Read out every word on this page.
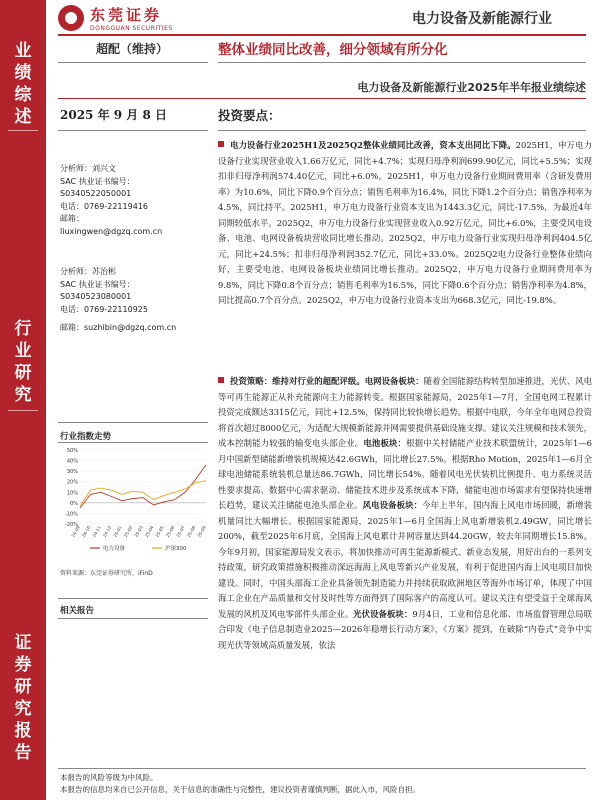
业
绩
综
述
行
业
研
究
证
券
研
究
报
告
东莞证券
DONGGUAN SECURITIES
电力设备及新能源行业
超配（维持）	整体业绩同比改善，细分领域有所分化
电力设备及新能源行业2025年半年报业绩综述
2025 年 9 月 8 日	投资要点：
分析师：刘兴文
SAC 执业证书编号：
S0340522050001
电话：0769-22119416
邮箱：
liuxingwen@dgzq.com.cn
分析师：苏治彬
SAC 执业证书编号：
S0340523080001
电话：0769-22110925
邮箱：suzhibin@dgzq.com.cn
行业指数走势
50%
40%
30%
20%
10%
0%
-10%
-20%
24-09 24-10 24-11 24-12 25-01 25-02 25-03 25-04 25-05 25-06 25-07 25-08 25-09
电力设备	沪深300
资料来源：东莞证券研究所，iFinD
相关报告
电力设备行业2025H1及2025Q2整体业绩同比改善，资本支出同比下降。2025H1，申万电力设备行业实现营业收入1.66万亿元，同比+4.7%；实现归母净利润699.90亿元，同比+5.5%；实现扣非归母净利润574.40亿元，同比+6.0%。2025H1，申万电力设备行业期间费用率（含研发费用率）为10.6%，同比下降0.9个百分点；销售毛利率为16.4%，同比下降1.2个百分点；销售净利率为4.5%，同比持平。2025H1，申万电力设备行业资本支出为1443.3亿元，同比-17.5%，为最近4年同期较低水平。2025Q2，申万电力设备行业实现营业收入0.92万亿元，同比+6.0%，主要受风电设备、电池、电网设备板块营收同比增长推动。2025Q2，申万电力设备行业实现归母净利润404.5亿元，同比+24.5%；扣非归母净利润352.7亿元，同比+33.0%。2025Q2电力设备行业整体业绩向好，主要受电池、电网设备板块业绩同比增长推动。2025Q2，申万电力设备行业期间费用率为9.8%，同比下降0.8个百分点；销售毛利率为16.5%，同比下降0.6个百分点；销售净利率为4.8%，同比提高0.7个百分点。2025Q2，申万电力设备行业资本支出为668.3亿元，同比-19.8%。
投资策略：维持对行业的超配评级。电网设备板块：随着全国能源结构转型加速推进，光伏、风电等可再生能源正从补充能源向主力能源转变。根据国家能源局，2025年1—7月，全国电网工程累计投资完成额达3315亿元，同比+12.5%，保持同比较快增长趋势。根据中电联，今年全年电网总投资将首次超过8000亿元，为适配大规模新能源并网需要提供基础设施支撑。建议关注规模和技术领先，成本控制能力较强的输变电头部企业。电池板块：根据中关村储能产业技术联盟统计，2025年1—6月中国新型储能新增装机规模达42.6GWh，同比增长27.5%。根据Rho Motion，2025年1—6月全球电池储能系统装机总量达86.7GWh，同比增长54%。随着风电光伏装机比例提升、电力系统灵活性要求提高、数据中心需求驱动、储能技术进步及系统成本下降，储能电池市场需求有望保持快速增长趋势，建议关注储能电池头部企业。风电设备板块：今年上半年，国内海上风电市场回暖，新增装机量同比大幅增长。根据国家能源局，2025年1—6月全国海上风电新增装机2.49GW，同比增长200%，截至2025年6月底，全国海上风电累计并网容量达到44.20GW，较去年同期增长15.8%。今年9月初，国家能源局发文表示，将加快推动可再生能源新模式、新业态发展，用好出台的一系列支持政策，研究政策措施积极推动深远海海上风电等新兴产业发展，有利于促进国内海上风电项目加快建设。同时，中国头部海工企业具备领先制造能力并持续获取欧洲地区等海外市场订单，体现了中国海工企业在产品质量和交付及时性等方面得到了国际客户的高度认可。建议关注有望受益于全球海风发展的风机及风电零部件头部企业。光伏设备板块：9月4日，工业和信息化部、市场监督管理总局联合印发《电子信息制造业2025—2026年稳增长行动方案》，《方案》提到，在破除“内卷式”竞争中实现光伏等领域高质量发展，依法
本报告的风险等级为中风险。
本报告的信息均来自已公开信息，关于信息的准确性与完整性，建议投资者谨慎判断，据此入市，风险自担。
